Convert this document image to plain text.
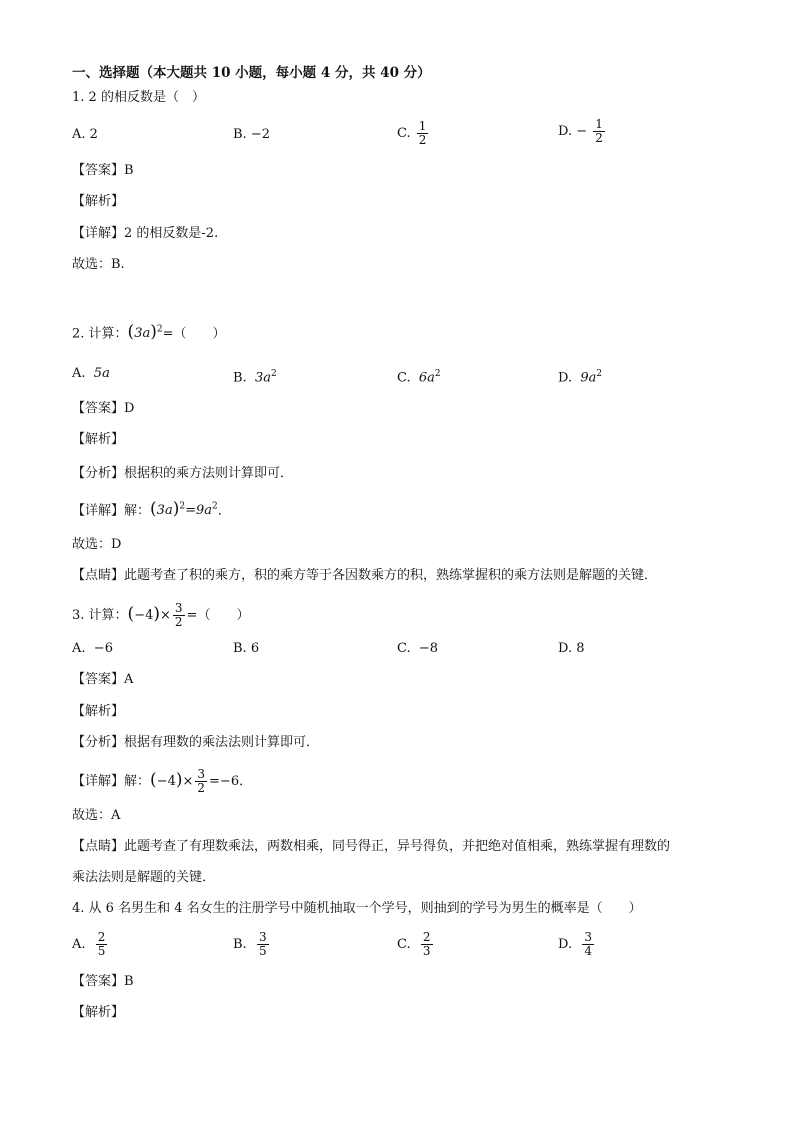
一、选择题（本大题共 10 小题，每小题 4 分，共 40 分）
1. 2 的相反数是（　）
A. 2	B. −2	C. $\frac{1}{2}$	D. − $\frac{1}{2}$
【答案】B
【解析】
【详解】2 的相反数是-2.
故选：B.
2. 计算：$(3a)^2=$（　　）
A. 5a	B. $3a^2$	C. $6a^2$	D. $9a^2$
【答案】D
【解析】
【分析】根据积的乘方法则计算即可．
【详解】解：$(3a)^2=9a^2$．
故选：D
【点睛】此题考查了积的乘方，积的乘方等于各因数乘方的积，熟练掌握积的乘方法则是解题的关键．
3. 计算：$(-4)\times \frac{3}{2}$ =（　　）
A. −6	B. 6	C. −8	D. 8
【答案】A
【解析】
【分析】根据有理数的乘法法则计算即可．
【详解】解：$(-4)\times \frac{3}{2} =-6$．
故选：A
【点睛】此题考查了有理数乘法，两数相乘，同号得正，异号得负，并把绝对值相乘，熟练掌握有理数的
乘法法则是解题的关键．
4. 从 6 名男生和 4 名女生的注册学号中随机抽取一个学号，则抽到的学号为男生的概率是（　　）
A. $\frac{2}{5}$	B. $\frac{3}{5}$	C. $\frac{2}{3}$	D. $\frac{3}{4}$
【答案】B
【解析】
